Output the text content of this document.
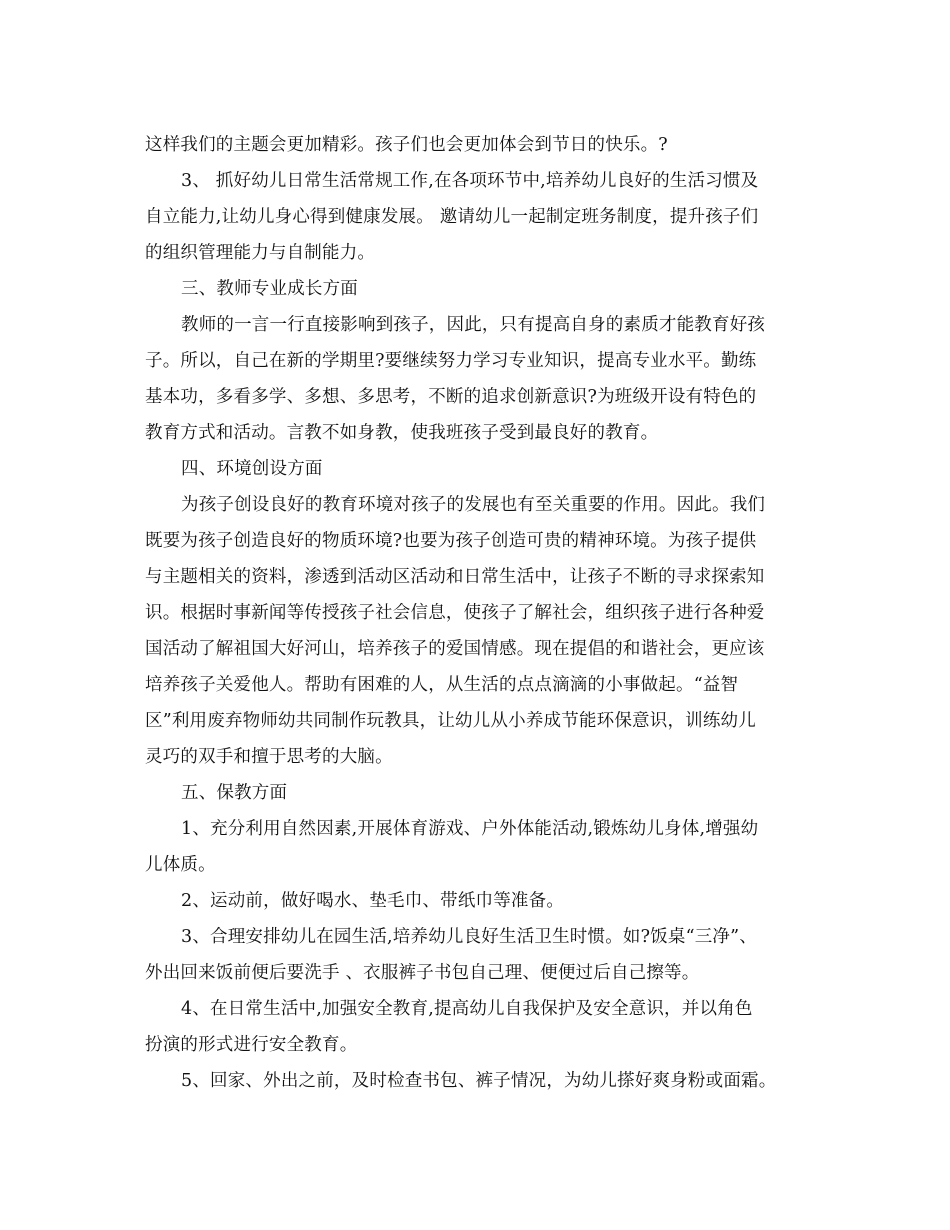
这样我们的主题会更加精彩。孩子们也会更加体会到节日的快乐。?
3、 抓好幼儿日常生活常规工作,在各项环节中,培养幼儿良好的生活习惯及
自立能力,让幼儿身心得到健康发展。 邀请幼儿一起制定班务制度，提升孩子们
的组织管理能力与自制能力。
三、教师专业成长方面
教师的一言一行直接影响到孩子，因此，只有提高自身的素质才能教育好孩
子。所以，自己在新的学期里?要继续努力学习专业知识，提高专业水平。勤练
基本功，多看多学、多想、多思考，不断的追求创新意识?为班级开设有特色的
教育方式和活动。言教不如身教，使我班孩子受到最良好的教育。
四、环境创设方面
为孩子创设良好的教育环境对孩子的发展也有至关重要的作用。因此。我们
既要为孩子创造良好的物质环境?也要为孩子创造可贵的精神环境。为孩子提供
与主题相关的资料，渗透到活动区活动和日常生活中，让孩子不断的寻求探索知
识。根据时事新闻等传授孩子社会信息，使孩子了解社会，组织孩子进行各种爱
国活动了解祖国大好河山，培养孩子的爱国情感。现在提倡的和谐社会，更应该
培养孩子关爱他人。帮助有困难的人，从生活的点点滴滴的小事做起。“益智
区”利用废弃物师幼共同制作玩教具，让幼儿从小养成节能环保意识，训练幼儿
灵巧的双手和擅于思考的大脑。
五、保教方面
1、充分利用自然因素,开展体育游戏、户外体能活动,锻炼幼儿身体,增强幼
儿体质。
2、运动前，做好喝水、垫毛巾、带纸巾等准备。
3、合理安排幼儿在园生活,培养幼儿良好生活卫生时惯。如?饭桌“三净”、
外出回来饭前便后要洗手 、衣服裤子书包自己理、便便过后自己擦等。
4、在日常生活中,加强安全教育,提高幼儿自我保护及安全意识，并以角色
扮演的形式进行安全教育。
5、回家、外出之前，及时检查书包、裤子情况，为幼儿搽好爽身粉或面霜。
